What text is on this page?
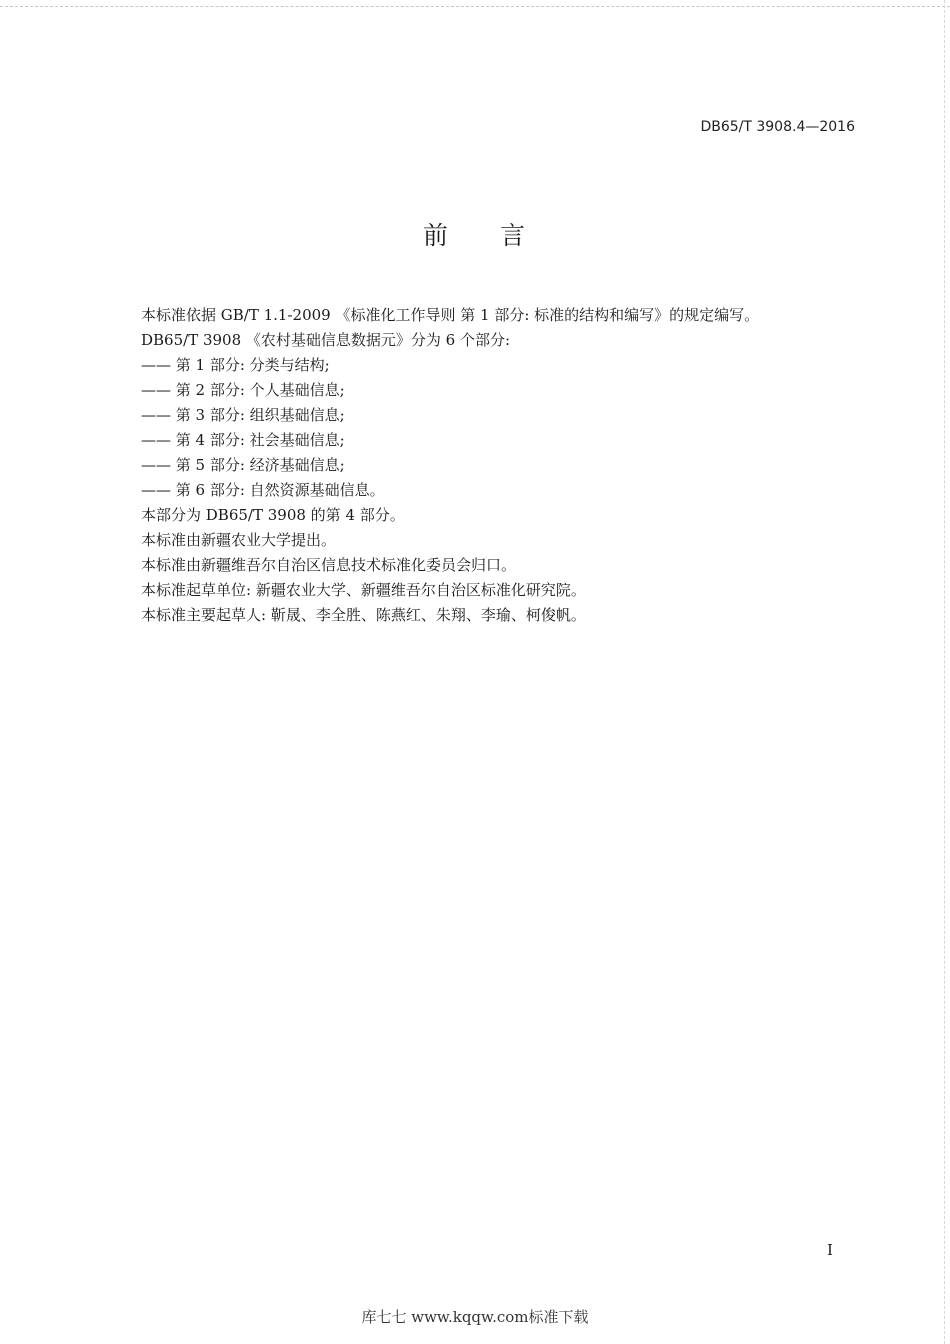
DB65/T 3908.4—2016
前 言
本标准依据 GB/T 1.1-2009 《标准化工作导则 第 1 部分: 标准的结构和编写》的规定编写。
DB65/T 3908 《农村基础信息数据元》分为 6 个部分:
—— 第 1 部分: 分类与结构;
—— 第 2 部分: 个人基础信息;
—— 第 3 部分: 组织基础信息;
—— 第 4 部分: 社会基础信息;
—— 第 5 部分: 经济基础信息;
—— 第 6 部分: 自然资源基础信息。
本部分为 DB65/T 3908 的第 4 部分。
本标准由新疆农业大学提出。
本标准由新疆维吾尔自治区信息技术标准化委员会归口。
本标准起草单位: 新疆农业大学、新疆维吾尔自治区标准化研究院。
本标准主要起草人: 靳晟、李全胜、陈燕红、朱翔、李瑜、柯俊帆。
I
库七七 www.kqqw.com标准下载
